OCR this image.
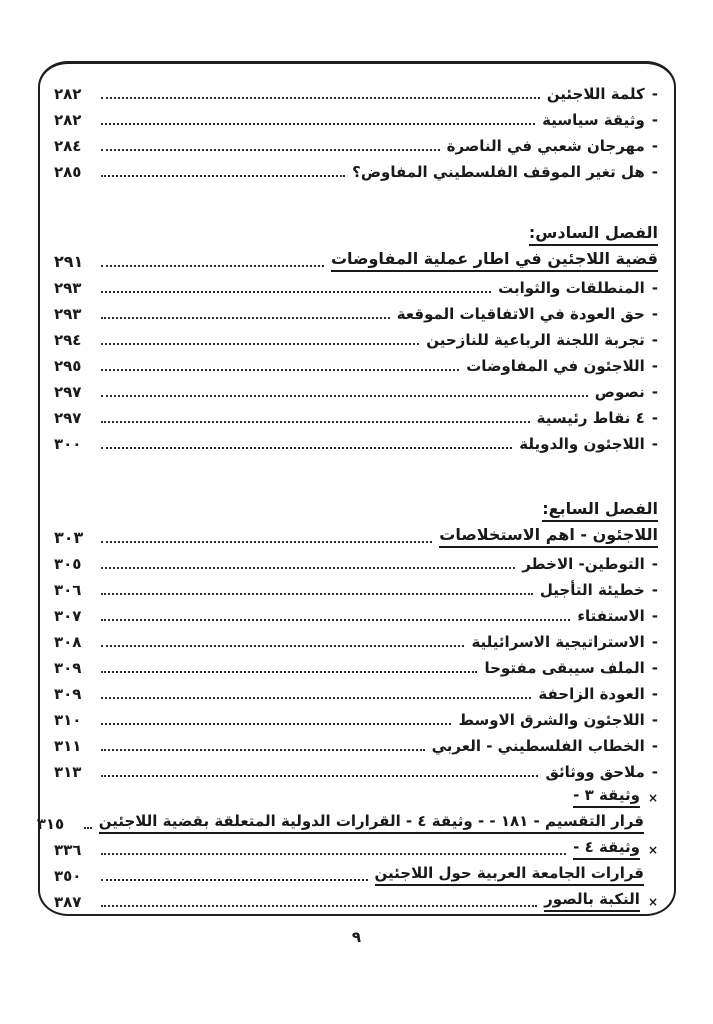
-
كلمة اللاجئين
٢٨٢
-
وثيقة سياسية
٢٨٢
-
مهرجان شعبي في الناصرة
٢٨٤
-
هل تغير الموقف الفلسطيني المفاوض؟
٢٨٥
الفصل السادس:
قضية اللاجئين في اطار عملية المفاوضات
٢٩١
-
المنطلقات والثوابت
٢٩٣
-
حق العودة في الاتفاقيات الموقعة
٢٩٣
-
تجربة اللجنة الرباعية للنازحين
٢٩٤
-
اللاجئون في المفاوضات
٢٩٥
-
نصوص
٢٩٧
-
٤ نقاط رئيسية
٢٩٧
-
اللاجئون والدويلة
٣٠٠
الفصل السابع:
اللاجئون - اهم الاستخلاصات
٣٠٣
-
التوطين- الاخطر
٣٠٥
-
خطيئة التأجيل
٣٠٦
-
الاستفتاء
٣٠٧
-
الاستراتيجية الاسرائيلية
٣٠٨
-
الملف سيبقى مفتوحا
٣٠٩
-
العودة الزاحفة
٣٠٩
-
اللاجئون والشرق الاوسط
٣١٠
-
الخطاب الفلسطيني - العربي
٣١١
-
ملاحق ووثائق
٣١٣
×
وثيقة ٣ -
قرار التقسيم - ١٨١ - - وثيقة ٤ - القرارات الدولية المتعلقة بقضية اللاجئين
٣١٥
×
وثيقة ٤ -
٣٣٦
قرارات الجامعة العربية حول اللاجئين
٣٥٠
×
النكبة بالصور
٣٨٧
٩
